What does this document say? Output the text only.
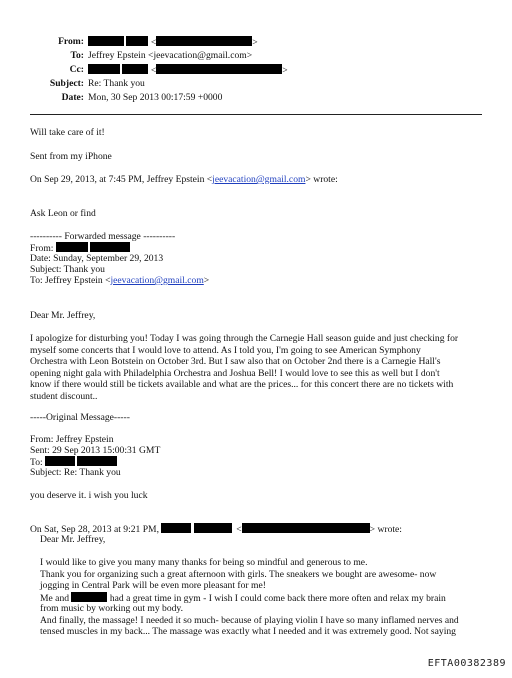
From:	<	>
To: Jeffrey Epstein <jeevacation@gmail.com>
Cc:	<	>
Subject: Re: Thank you
Date: Mon, 30 Sep 2013 00:17:59 +0000
Will take care of it!
Sent from my iPhone
On Sep 29, 2013, at 7:45 PM, Jeffrey Epstein <jeevacation@gmail.com> wrote:
Ask Leon or find
---------- Forwarded message ----------
From:
Date: Sunday, September 29, 2013
Subject: Thank you
To: Jeffrey Epstein <jeevacation@gmail.com>
Dear Mr. Jeffrey,
I apologize for disturbing you! Today I was going through the Carnegie Hall season guide and just checking for
myself some concerts that I would love to attend. As I told you, I'm going to see American Symphony
Orchestra with Leon Botstein on October 3rd. But I saw also that on October 2nd there is a Carnegie Hall's
opening night gala with Philadelphia Orchestra and Joshua Bell! I would love to see this as well but I don't
know if there would still be tickets available and what are the prices... for this concert there are no tickets with
student discount..
-----Original Message-----
From: Jeffrey Epstein
Sent: 29 Sep 2013 15:00:31 GMT
To:
Subject: Re: Thank you
you deserve it. i wish you luck
On Sat, Sep 28, 2013 at 9:21 PM,	<	> wrote:
Dear Mr. Jeffrey,
I would like to give you many many thanks for being so mindful and generous to me.
Thank you for organizing such a great afternoon with girls. The sneakers we bought are awesome- now
jogging in Central Park will be even more pleasant for me!
Me and	had a great time in gym - I wish I could come back there more often and relax my brain
from music by working out my body.
And finally, the massage! I needed it so much- because of playing violin I have so many inflamed nerves and
tensed muscles in my back... The massage was exactly what I needed and it was extremely good. Not saying
EFTA00382389
